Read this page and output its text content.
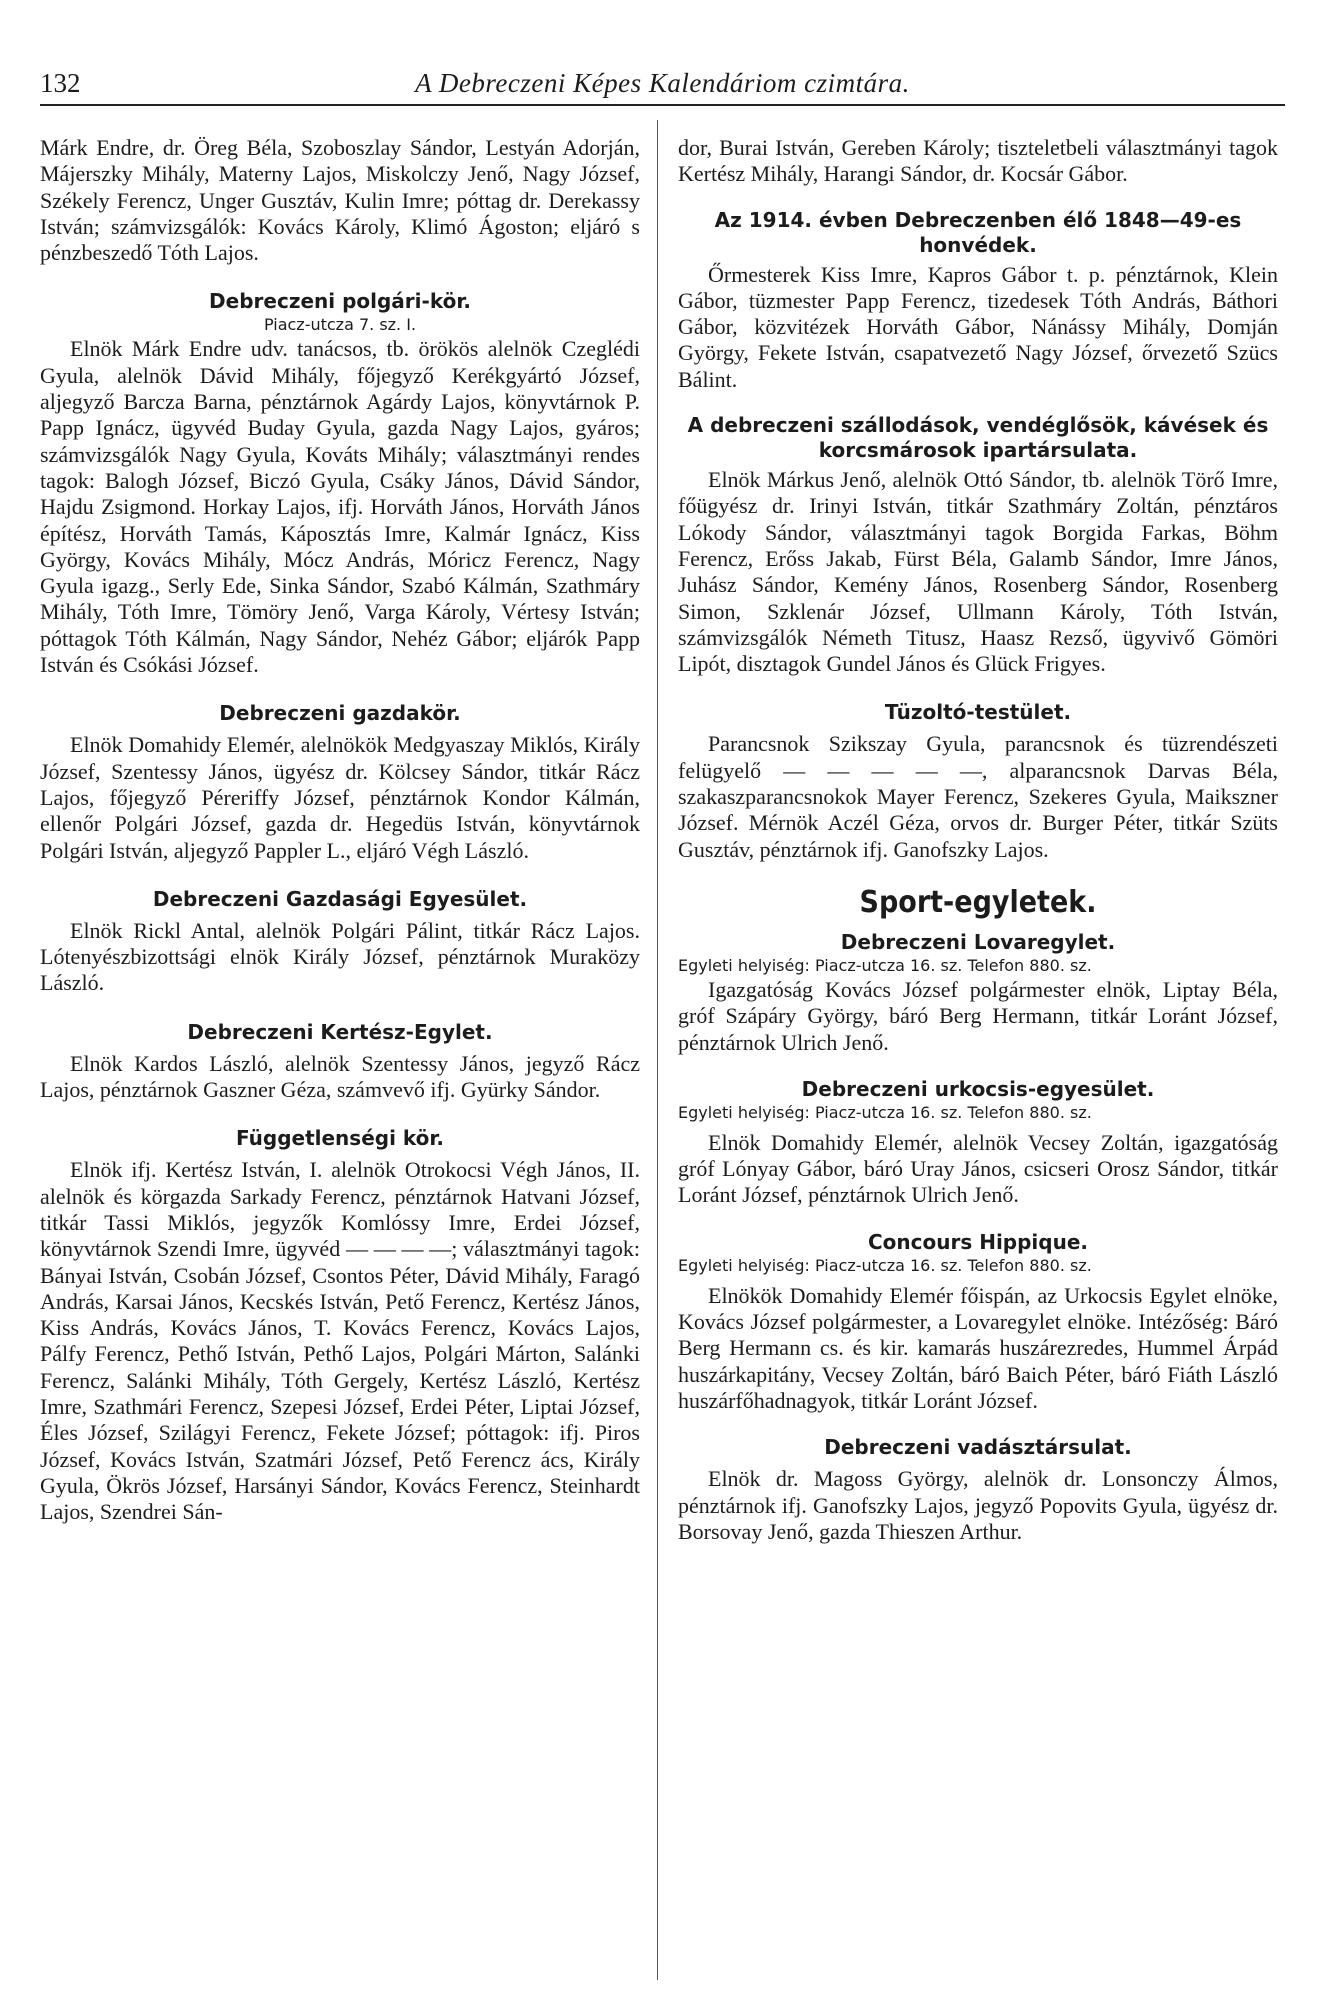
132	A Debreczeni Képes Kalendáriom czimtára.

Márk Endre, dr. Öreg Béla, Szoboszlay Sándor, Lestyán Adorján, Májerszky Mihály, Materny Lajos, Miskolczy Jenő, Nagy József, Székely Ferencz, Unger Gusztáv, Kulin Imre; póttag dr. Derekassy István; számvizsgálók: Kovács Károly, Klimó Ágoston; eljáró s pénzbeszedő Tóth Lajos.

Debreczeni polgári-kör.
Piacz-utcza 7. sz. I.

Elnök Márk Endre udv. tanácsos, tb. örökös alelnök Czeglédi Gyula, alelnök Dávid Mihály, főjegyző Kerékgyártó József, aljegyző Barcza Barna, pénztárnok Agárdy Lajos, könyvtárnok P. Papp Ignácz, ügyvéd Buday Gyula, gazda Nagy Lajos, gyáros; számvizsgálók Nagy Gyula, Kováts Mihály; választmányi rendes tagok: Balogh József, Biczó Gyula, Csáky János, Dávid Sándor, Hajdu Zsigmond. Horkay Lajos, ifj. Horváth János, Horváth János építész, Horváth Tamás, Káposztás Imre, Kalmár Ignácz, Kiss György, Kovács Mihály, Mócz András, Móricz Ferencz, Nagy Gyula igazg., Serly Ede, Sinka Sándor, Szabó Kálmán, Szathmáry Mihály, Tóth Imre, Tömöry Jenő, Varga Károly, Vértesy István; póttagok Tóth Kálmán, Nagy Sándor, Nehéz Gábor; eljárók Papp István és Csókási József.

Debreczeni gazdakör.

Elnök Domahidy Elemér, alelnökök Medgyaszay Miklós, Király József, Szentessy János, ügyész dr. Kölcsey Sándor, titkár Rácz Lajos, főjegyző Péreriffy József, pénztárnok Kondor Kálmán, ellenőr Polgári József, gazda dr. Hegedüs István, könyvtárnok Polgári István, aljegyző Pappler L., eljáró Végh László.

Debreczeni Gazdasági Egyesület.

Elnök Rickl Antal, alelnök Polgári Pálint, titkár Rácz Lajos. Lótenyészbizottsági elnök Király József, pénztárnok Muraközy László.

Debreczeni Kertész-Egylet.

Elnök Kardos László, alelnök Szentessy János, jegyző Rácz Lajos, pénztárnok Gaszner Géza, számvevő ifj. Gyürky Sándor.

Függetlenségi kör.

Elnök ifj. Kertész István, I. alelnök Otrokocsi Végh János, II. alelnök és körgazda Sarkady Ferencz, pénztárnok Hatvani József, titkár Tassi Miklós, jegyzők Komlóssy Imre, Erdei József, könyvtárnok Szendi Imre, ügyvéd — — — —; választmányi tagok: Bányai István, Csobán József, Csontos Péter, Dávid Mihály, Faragó András, Karsai János, Kecskés István, Pető Ferencz, Kertész János, Kiss András, Kovács János, T. Kovács Ferencz, Kovács Lajos, Pálfy Ferencz, Pethő István, Pethő Lajos, Polgári Márton, Salánki Ferencz, Salánki Mihály, Tóth Gergely, Kertész László, Kertész Imre, Szathmári Ferencz, Szepesi József, Erdei Péter, Liptai József, Éles József, Szilágyi Ferencz, Fekete József; póttagok: ifj. Piros József, Kovács István, Szatmári József, Pető Ferencz ács, Király Gyula, Ökrös József, Harsányi Sándor, Kovács Ferencz, Steinhardt Lajos, Szendrei Sán-

dor, Burai István, Gereben Károly; tiszteletbeli választmányi tagok Kertész Mihály, Harangi Sándor, dr. Kocsár Gábor.

Az 1914. évben Debreczenben élő 1848—49-es honvédek.

Őrmesterek Kiss Imre, Kapros Gábor t. p. pénztárnok, Klein Gábor, tüzmester Papp Ferencz, tizedesek Tóth András, Báthori Gábor, közvitézek Horváth Gábor, Nánássy Mihály, Domján György, Fekete István, csapatvezető Nagy József, őrvezető Szücs Bálint.

A debreczeni szállodások, vendéglősök, kávések és korcsmárosok ipartársulata.

Elnök Márkus Jenő, alelnök Ottó Sándor, tb. alelnök Törő Imre, főügyész dr. Irinyi István, titkár Szathmáry Zoltán, pénztáros Lókody Sándor, választmányi tagok Borgida Farkas, Böhm Ferencz, Erőss Jakab, Fürst Béla, Galamb Sándor, Imre János, Juhász Sándor, Kemény János, Rosenberg Sándor, Rosenberg Simon, Szklenár József, Ullmann Károly, Tóth István, számvizsgálók Németh Titusz, Haasz Rezső, ügyvivő Gömöri Lipót, disztagok Gundel János és Glück Frigyes.

Tüzoltó-testület.

Parancsnok Szikszay Gyula, parancsnok és tüzrendészeti felügyelő — — — — —, alparancsnok Darvas Béla, szakaszparancsnokok Mayer Ferencz, Szekeres Gyula, Maikszner József. Mérnök Aczél Géza, orvos dr. Burger Péter, titkár Szüts Gusztáv, pénztárnok ifj. Ganofszky Lajos.

Sport-egyletek.
Debreczeni Lovaregylet.
Egyleti helyiség: Piacz-utcza 16. sz. Telefon 880. sz.

Igazgatóság Kovács József polgármester elnök, Liptay Béla, gróf Szápáry György, báró Berg Hermann, titkár Loránt József, pénztárnok Ulrich Jenő.

Debreczeni urkocsis-egyesület.
Egyleti helyiség: Piacz-utcza 16. sz. Telefon 880. sz.

Elnök Domahidy Elemér, alelnök Vecsey Zoltán, igazgatóság gróf Lónyay Gábor, báró Uray János, csicseri Orosz Sándor, titkár Loránt József, pénztárnok Ulrich Jenő.

Concours Hippique.
Egyleti helyiség: Piacz-utcza 16. sz. Telefon 880. sz.

Elnökök Domahidy Elemér főispán, az Urkocsis Egylet elnöke, Kovács József polgármester, a Lovaregylet elnöke. Intézőség: Báró Berg Hermann cs. és kir. kamarás huszárezredes, Hummel Árpád huszárkapitány, Vecsey Zoltán, báró Baich Péter, báró Fiáth László huszárfőhadnagyok, titkár Loránt József.

Debreczeni vadásztársulat.

Elnök dr. Magoss György, alelnök dr. Lonsonczy Álmos, pénztárnok ifj. Ganofszky Lajos, jegyző Popovits Gyula, ügyész dr. Borsovay Jenő, gazda Thieszen Arthur.
